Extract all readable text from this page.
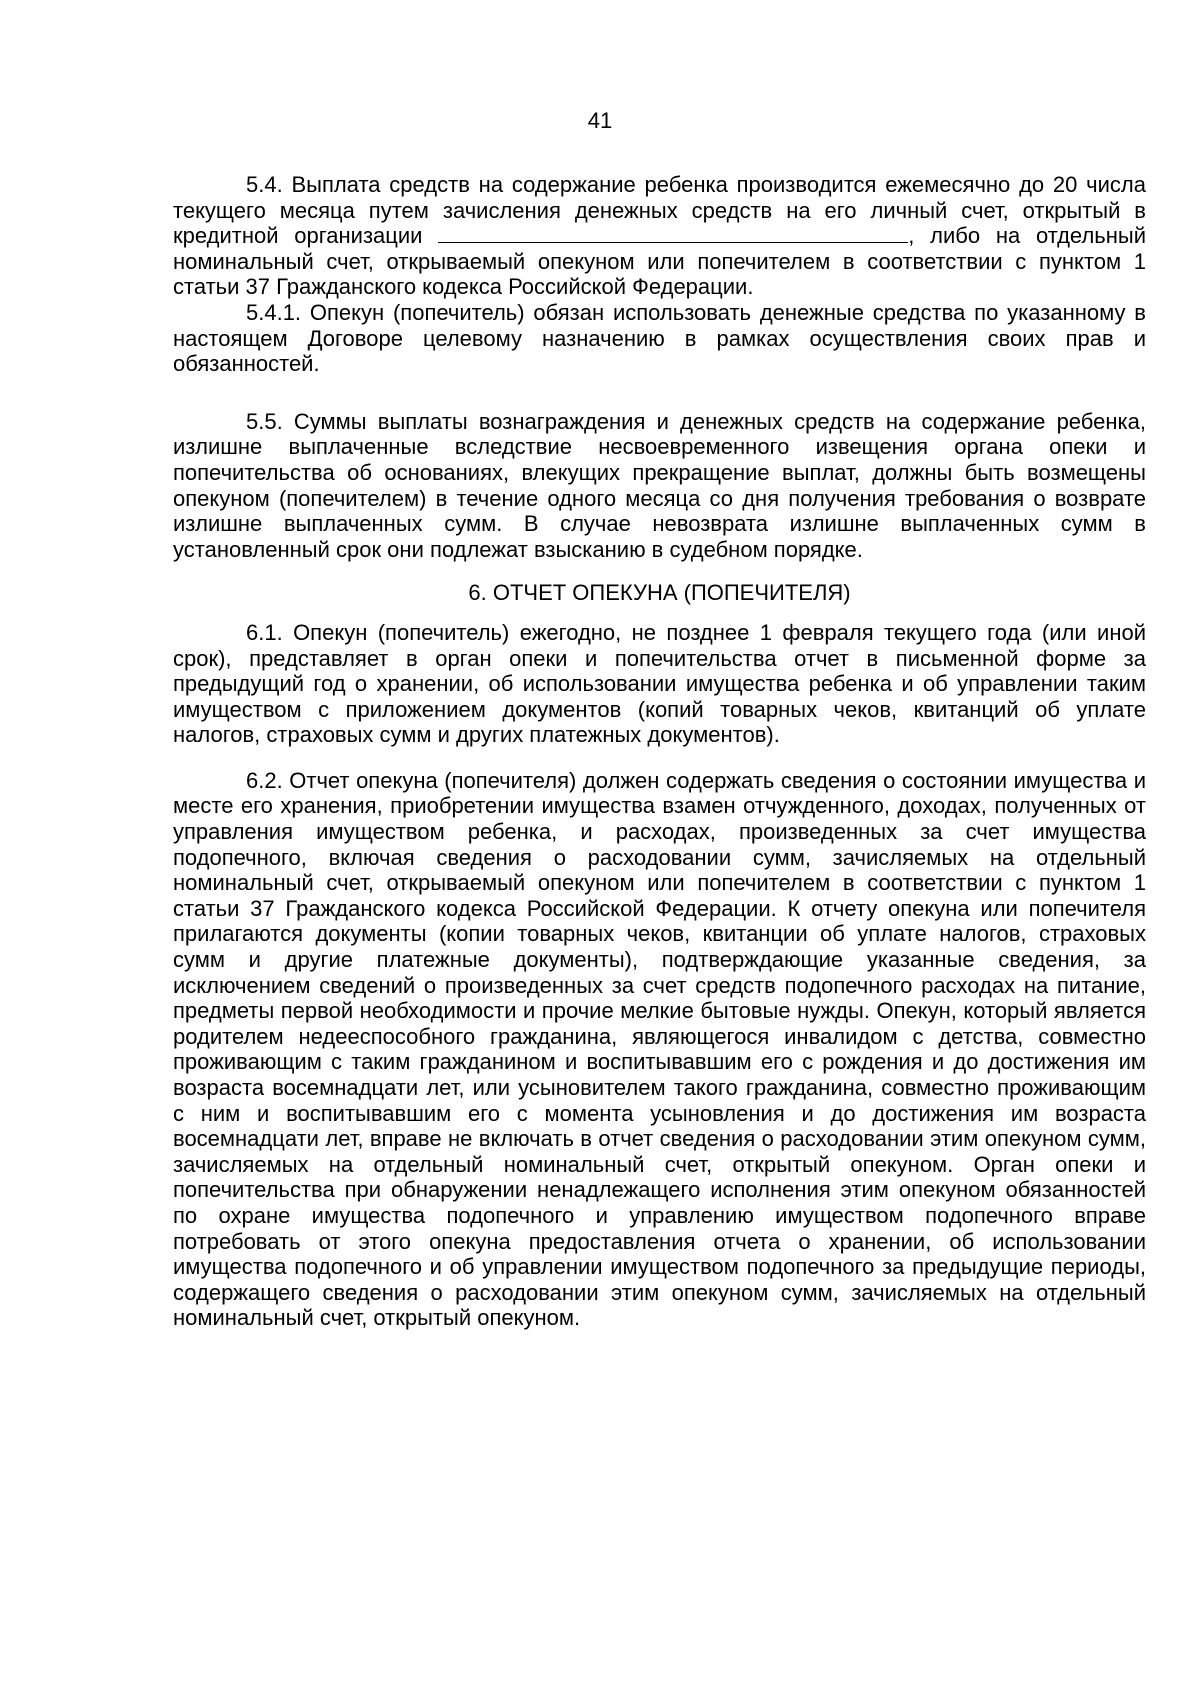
41

5.4. Выплата средств на содержание ребенка производится ежемесячно до 20 числа текущего месяца путем зачисления денежных средств на его личный счет, открытый в кредитной организации	, либо на отдельный номинальный счет, открываемый опекуном или попечителем в соответствии с пунктом 1 статьи 37 Гражданского кодекса Российской Федерации.

5.4.1. Опекун (попечитель) обязан использовать денежные средства по указанному в настоящем Договоре целевому назначению в рамках осуществления своих прав и обязанностей.

5.5. Суммы выплаты вознаграждения и денежных средств на содержание ребенка, излишне выплаченные вследствие несвоевременного извещения органа опеки и попечительства об основаниях, влекущих прекращение выплат, должны быть возмещены опекуном (попечителем) в течение одного месяца со дня получения требования о возврате излишне выплаченных сумм. В случае невозврата излишне выплаченных сумм в установленный срок они подлежат взысканию в судебном порядке.

6. ОТЧЕТ ОПЕКУНА (ПОПЕЧИТЕЛЯ)

6.1. Опекун (попечитель) ежегодно, не позднее 1 февраля текущего года (или иной срок), представляет в орган опеки и попечительства отчет в письменной форме за предыдущий год о хранении, об использовании имущества ребенка и об управлении таким имуществом с приложением документов (копий товарных чеков, квитанций об уплате налогов, страховых сумм и других платежных документов).

6.2. Отчет опекуна (попечителя) должен содержать сведения о состоянии имущества и месте его хранения, приобретении имущества взамен отчужденного, доходах, полученных от управления имуществом ребенка, и расходах, произведенных за счет имущества подопечного, включая сведения о расходовании сумм, зачисляемых на отдельный номинальный счет, открываемый опекуном или попечителем в соответствии с пунктом 1 статьи 37 Гражданского кодекса Российской Федерации. К отчету опекуна или попечителя прилагаются документы (копии товарных чеков, квитанции об уплате налогов, страховых сумм и другие платежные документы), подтверждающие указанные сведения, за исключением сведений о произведенных за счет средств подопечного расходах на питание, предметы первой необходимости и прочие мелкие бытовые нужды. Опекун, который является родителем недееспособного гражданина, являющегося инвалидом с детства, совместно проживающим с таким гражданином и воспитывавшим его с рождения и до достижения им возраста восемнадцати лет, или усыновителем такого гражданина, совместно проживающим с ним и воспитывавшим его с момента усыновления и до достижения им возраста восемнадцати лет, вправе не включать в отчет сведения о расходовании этим опекуном сумм, зачисляемых на отдельный номинальный счет, открытый опекуном. Орган опеки и попечительства при обнаружении ненадлежащего исполнения этим опекуном обязанностей по охране имущества подопечного и управлению имуществом подопечного вправе потребовать от этого опекуна предоставления отчета о хранении, об использовании имущества подопечного и об управлении имуществом подопечного за предыдущие периоды, содержащего сведения о расходовании этим опекуном сумм, зачисляемых на отдельный номинальный счет, открытый опекуном.
